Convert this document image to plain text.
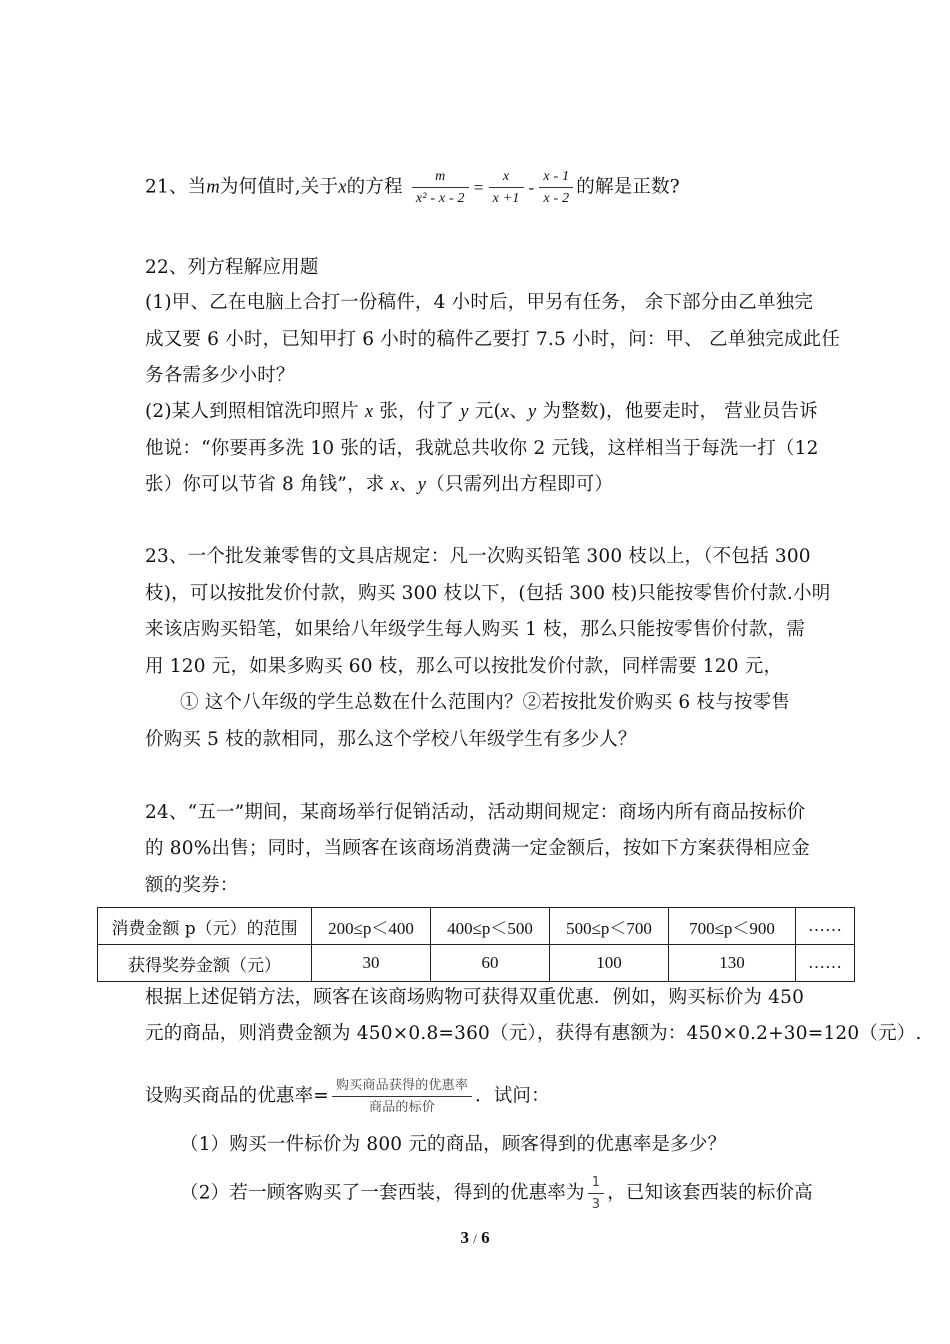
21、当m为何值时,关于x的方程 $\frac{m}{\text{x² - x - 2}} = \frac{x}{x +1} - \frac{x - 1}{x - 2}$ 的解是正数?
22、列方程解应用题
(1)甲、乙在电脑上合打一份稿件，4 小时后，甲另有任务， 余下部分由乙单独完
成又要 6 小时，已知甲打 6 小时的稿件乙要打 7.5 小时，问：甲、 乙单独完成此任
务各需多少小时？
(2)某人到照相馆洗印照片 x 张，付了 y 元(x、y 为整数)，他要走时， 营业员告诉
他说：“你要再多洗 10 张的话，我就总共收你 2 元钱，这样相当于每洗一打（12
张）你可以节省 8 角钱”，求 x、y（只需列出方程即可）
23、一个批发兼零售的文具店规定：凡一次购买铅笔 300 枝以上，（不包括 300
枝)，可以按批发价付款，购买 300 枝以下，(包括 300 枝)只能按零售价付款.小明
来该店购买铅笔，如果给八年级学生每人购买 1 枝，那么只能按零售价付款，需
用 120 元，如果多购买 60 枝，那么可以按批发价付款，同样需要 120 元，
① 这个八年级的学生总数在什么范围内？②若按批发价购买 6 枝与按零售
价购买 5 枝的款相同，那么这个学校八年级学生有多少人？
24、“五一”期间，某商场举行促销活动，活动期间规定：商场内所有商品按标价
的 80%出售；同时，当顾客在该商场消费满一定金额后，按如下方案获得相应金
额的奖券：
消费金额 p（元）的范围	200≤p＜400	400≤p＜500	500≤p＜700	700≤p＜900	……
获得奖券金额（元）	30	60	100	130	……
根据上述促销方法，顾客在该商场购物可获得双重优惠．例如，购买标价为 450
元的商品，则消费金额为 450×0.8=360（元），获得有惠额为：450×0.2+30=120（元）.
设购买商品的优惠率= $\frac{\text{购买商品获得的优惠率}}{\text{商品的标价}}$ ．试问：
（1）购买一件标价为 800 元的商品，顾客得到的优惠率是多少？
（2）若一顾客购买了一套西装，得到的优惠率为 $\frac{1}{3}$ ，已知该套西装的标价高
3 / 6
